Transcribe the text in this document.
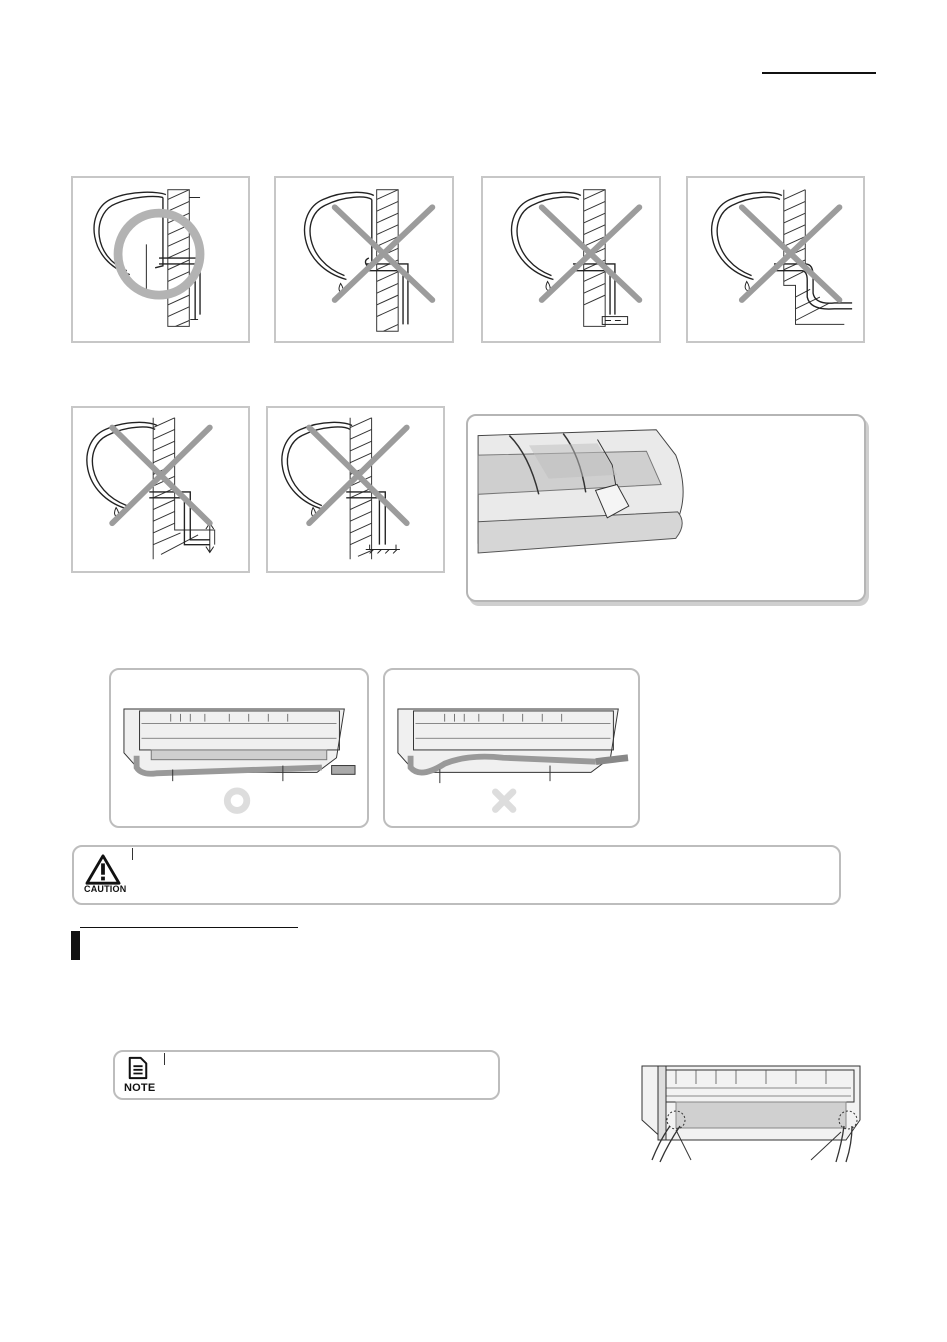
CAUTION
NOTE
